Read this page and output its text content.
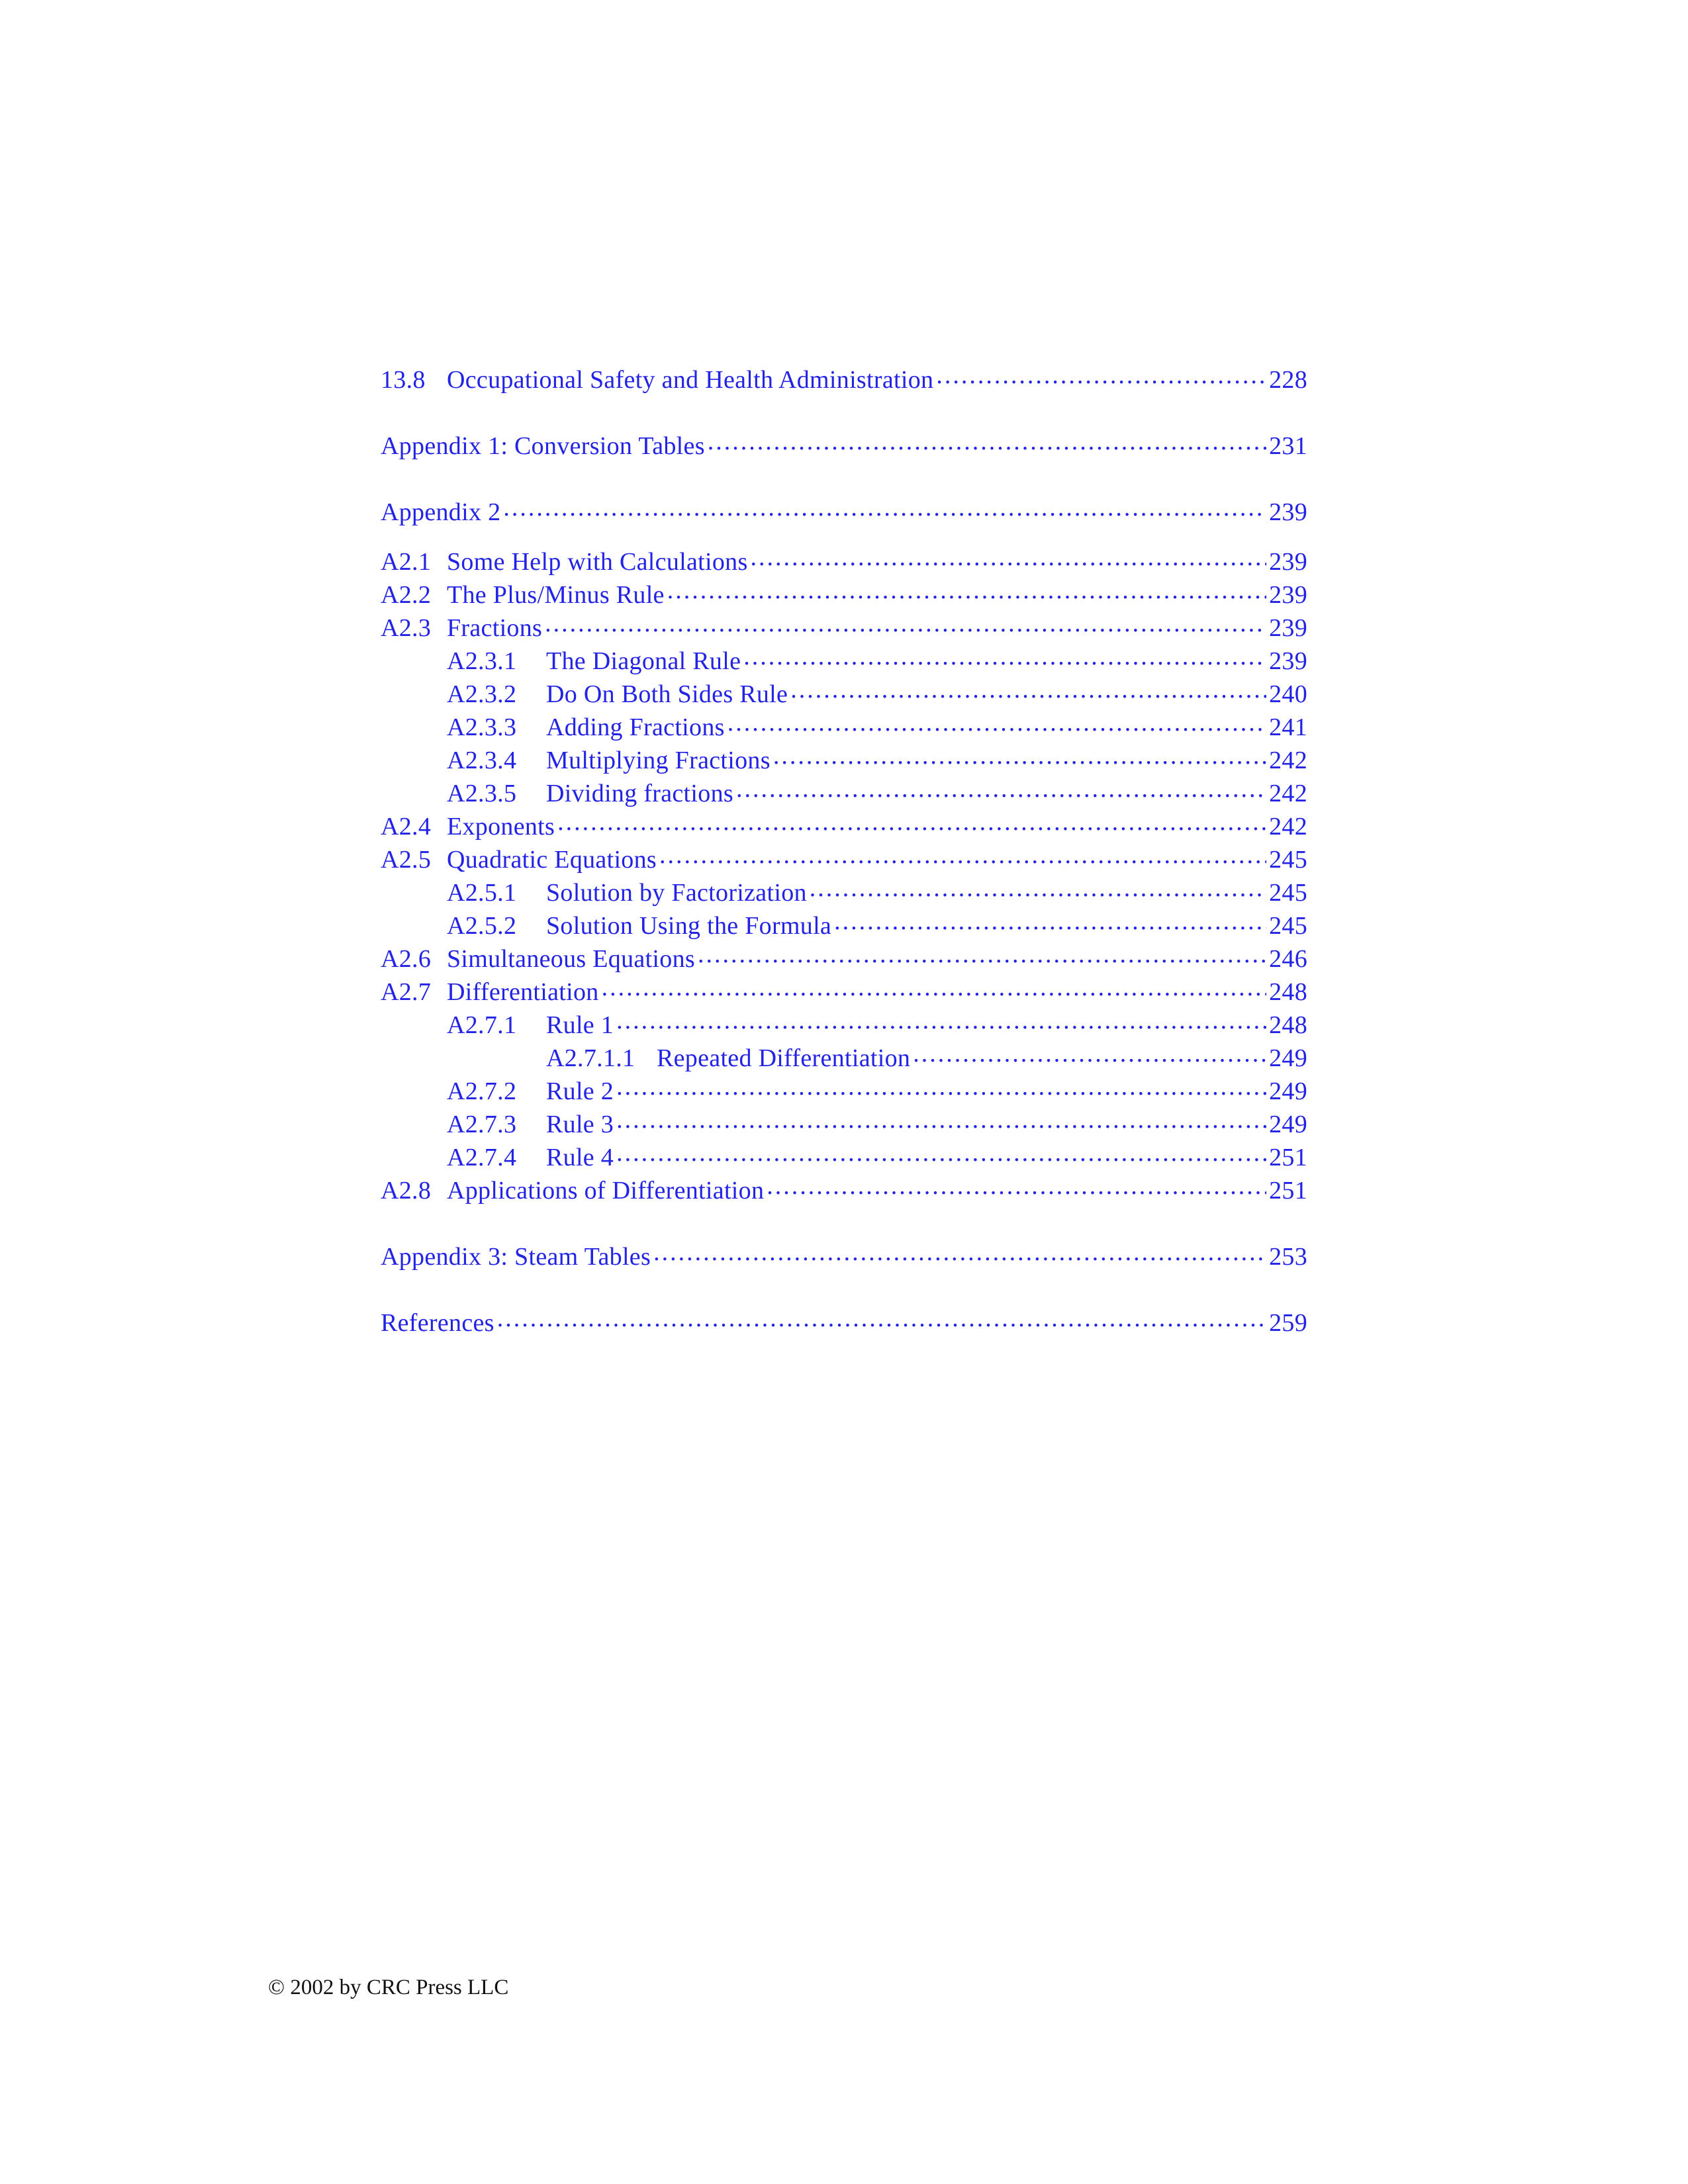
13.8 Occupational Safety and Health Administration .....	228
Appendix 1: Conversion Tables .....	231
Appendix 2 .....	239
A2.1 Some Help with Calculations .....	239
A2.2 The Plus/Minus Rule .....	239
A2.3 Fractions .....	239
A2.3.1	The Diagonal Rule .....	239
A2.3.2	Do On Both Sides Rule .....	240
A2.3.3	Adding Fractions .....	241
A2.3.4	Multiplying Fractions .....	242
A2.3.5	Dividing fractions .....	242
A2.4 Exponents .....	242
A2.5 Quadratic Equations .....	245
A2.5.1	Solution by Factorization .....	245
A2.5.2	Solution Using the Formula .....	245
A2.6 Simultaneous Equations .....	246
A2.7 Differentiation .....	248
A2.7.1	Rule 1 .....	248
A2.7.1.1 Repeated Differentiation .....	249
A2.7.2	Rule 2 .....	249
A2.7.3	Rule 3 .....	249
A2.7.4	Rule 4 .....	251
A2.8 Applications of Differentiation .....	251
Appendix 3: Steam Tables .....	253
References .....	259
© 2002 by CRC Press LLC
